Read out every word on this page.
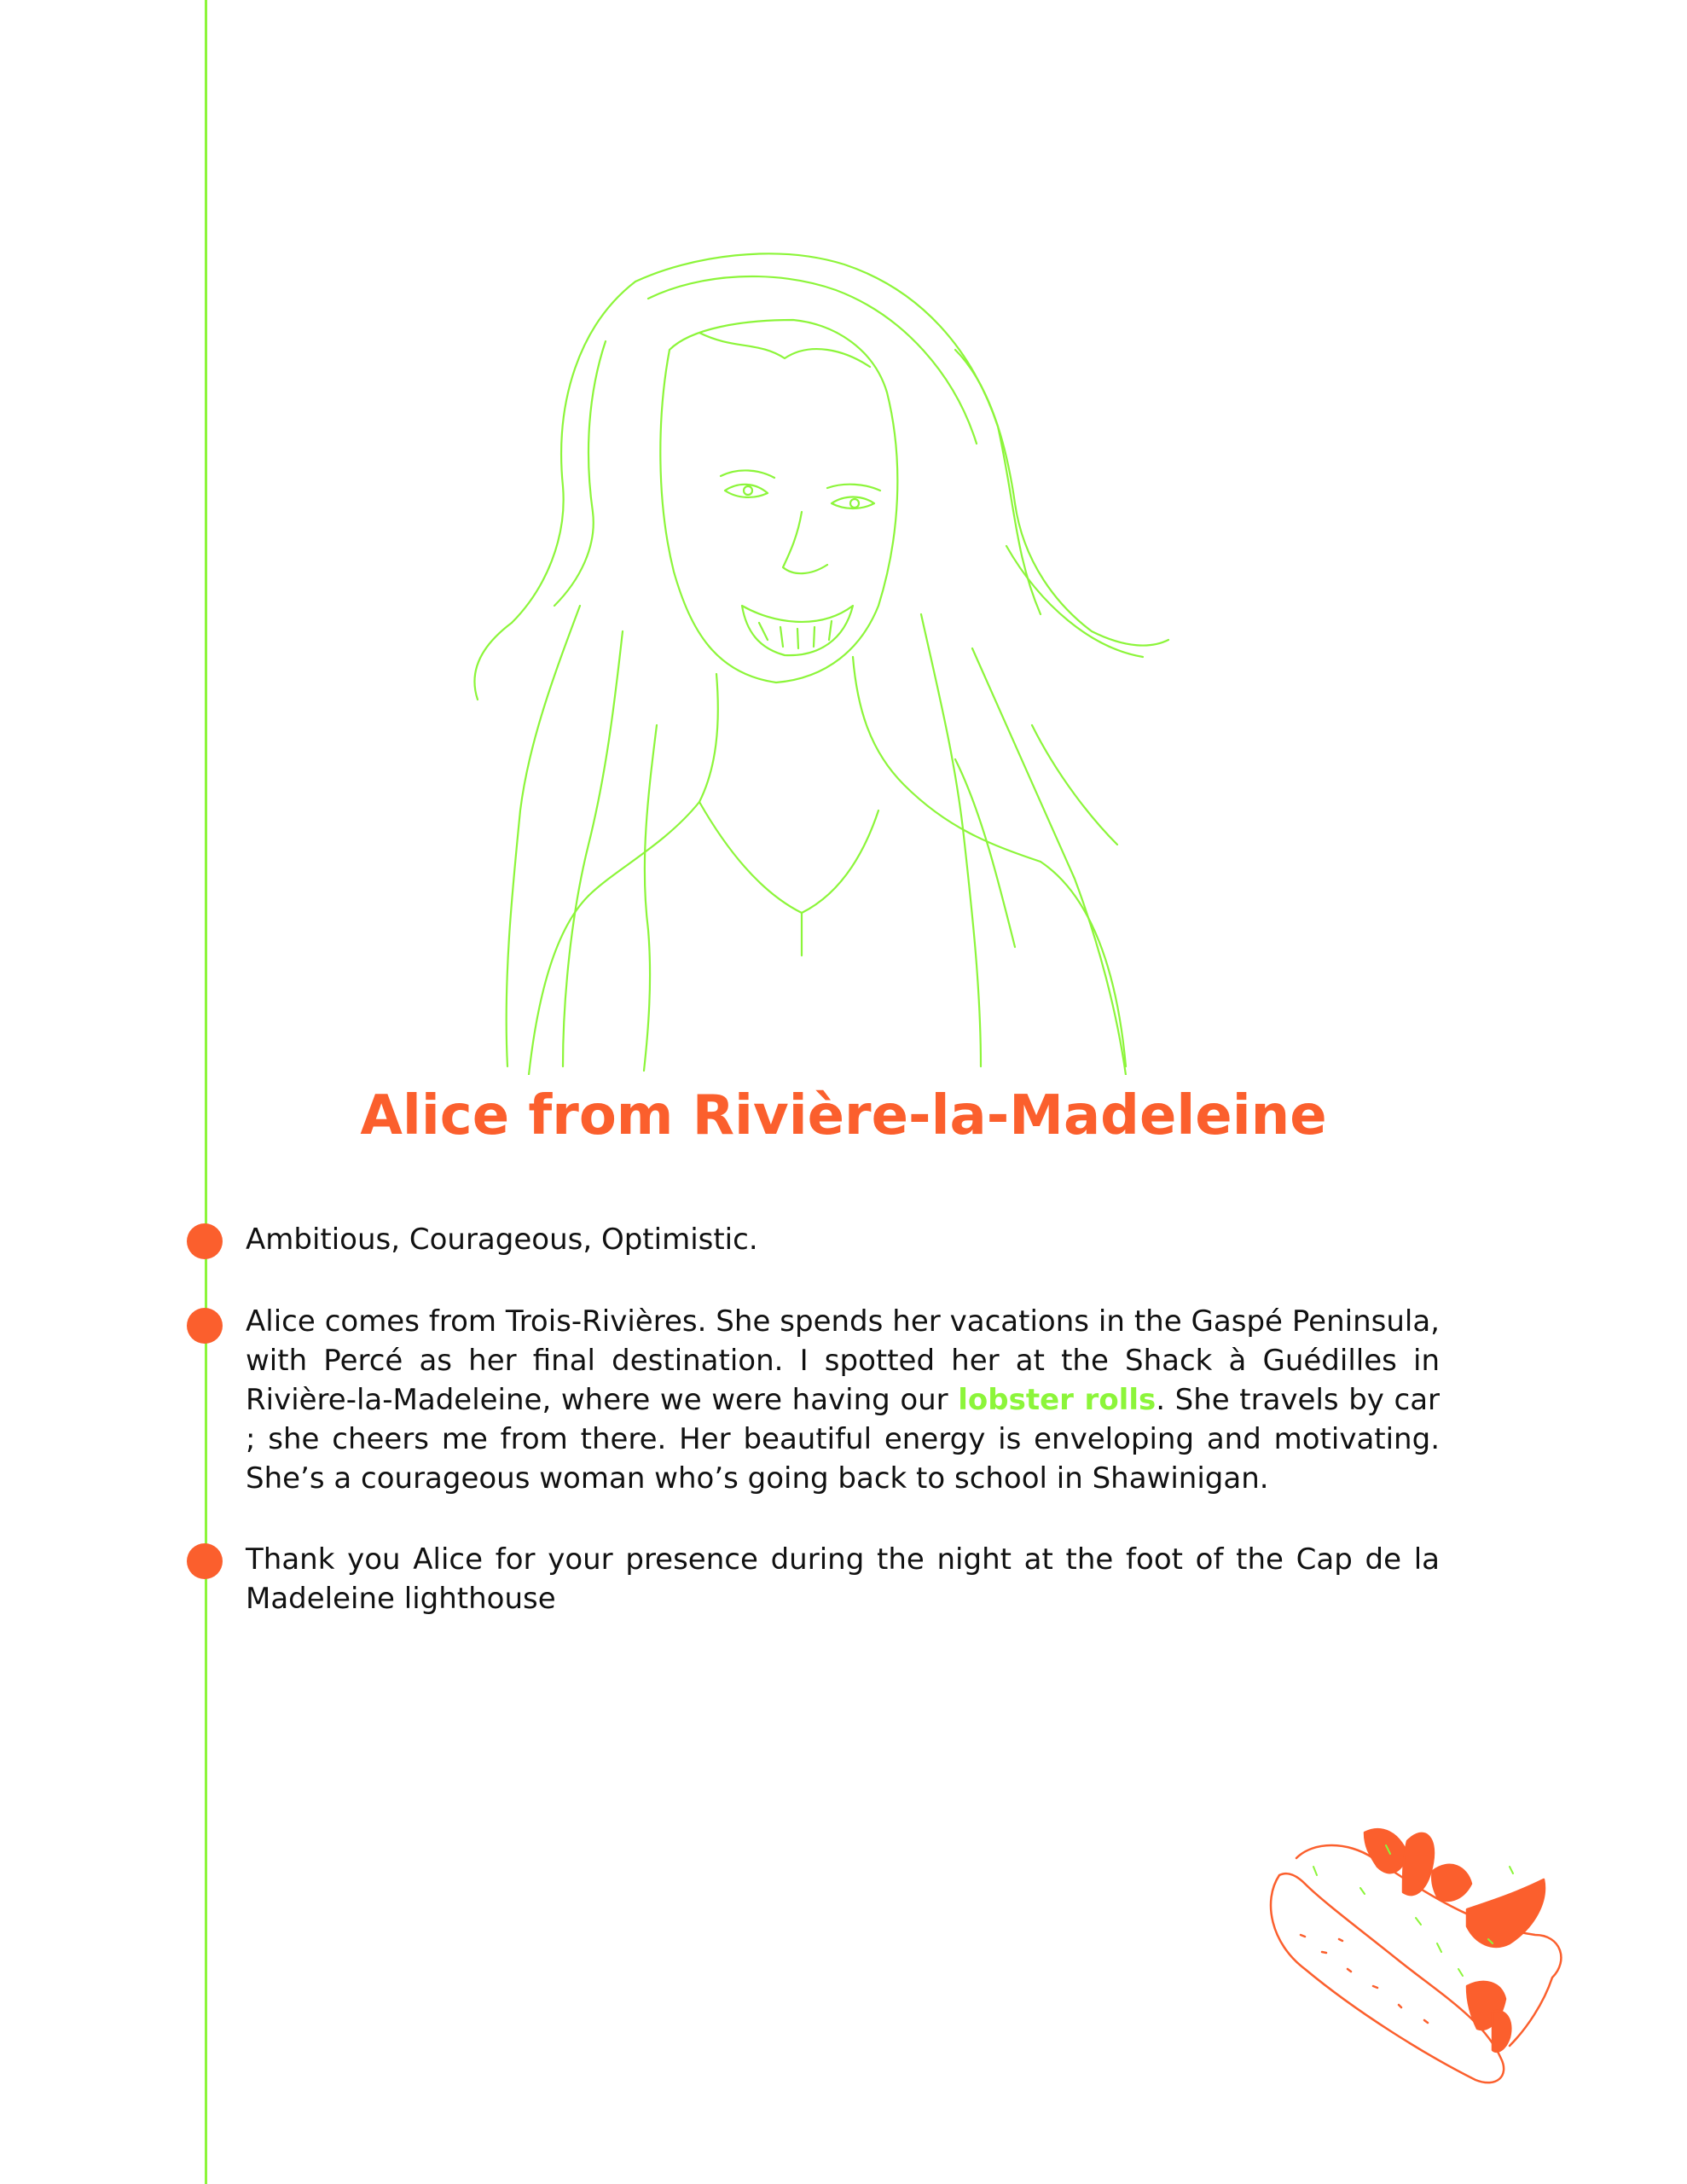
Alice from Rivière-la-Madeleine
Ambitious, Courageous, Optimistic.
Alice comes from Trois-Rivières. She spends her vacations in the Gaspé Peninsula, with Percé as her final destination. I spotted her at the Shack à Guédilles in Rivière-la-Madeleine, where we were having our lobster rolls. She travels by car ; she cheers me from there. Her beautiful energy is enveloping and motivating. She’s a courageous woman who’s going back to school in Shawinigan.
Thank you Alice for your presence during the night at the foot of the Cap de la Madeleine lighthouse
